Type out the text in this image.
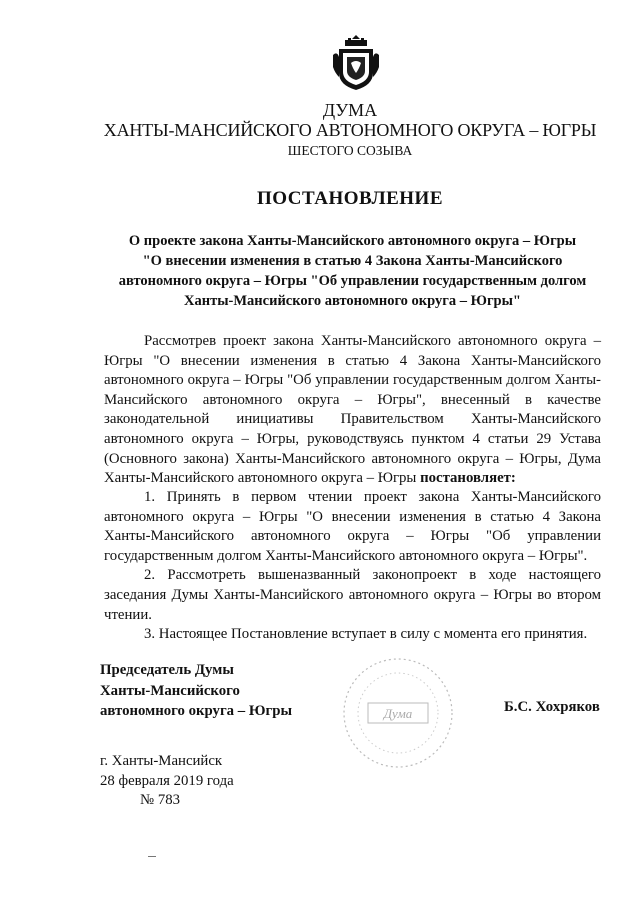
ДУМА
ХАНТЫ-МАНСИЙСКОГО АВТОНОМНОГО ОКРУГА – ЮГРЫ
ШЕСТОГО СОЗЫВА
ПОСТАНОВЛЕНИЕ
О проекте закона Ханты-Мансийского автономного округа – Югры
"О внесении изменения в статью 4 Закона Ханты-Мансийского
автономного округа – Югры "Об управлении государственным долгом
Ханты-Мансийского автономного округа – Югры"
Рассмотрев проект закона Ханты-Мансийского автономного округа – Югры "О внесении изменения в статью 4 Закона Ханты-Мансийского автономного округа – Югры "Об управлении государственным долгом Ханты-Мансийского автономного округа – Югры", внесенный в качестве законодательной инициативы Правительством Ханты-Мансийского автономного округа – Югры, руководствуясь пунктом 4 статьи 29 Устава (Основного закона) Ханты-Мансийского автономного округа – Югры, Дума Ханты-Мансийского автономного округа – Югры постановляет:

1. Принять в первом чтении проект закона Ханты-Мансийского автономного округа – Югры "О внесении изменения в статью 4 Закона Ханты-Мансийского автономного округа – Югры "Об управлении государственным долгом Ханты-Мансийского автономного округа – Югры".

2. Рассмотреть вышеназванный законопроект в ходе настоящего заседания Думы Ханты-Мансийского автономного округа – Югры во втором чтении.

3. Настоящее Постановление вступает в силу с момента его принятия.

Председатель Думы
Ханты-Мансийского
автономного округа – Югры	Дума	Б.С. Хохряков
г. Ханты-Мансийск
28 февраля 2019 года
№ 783
